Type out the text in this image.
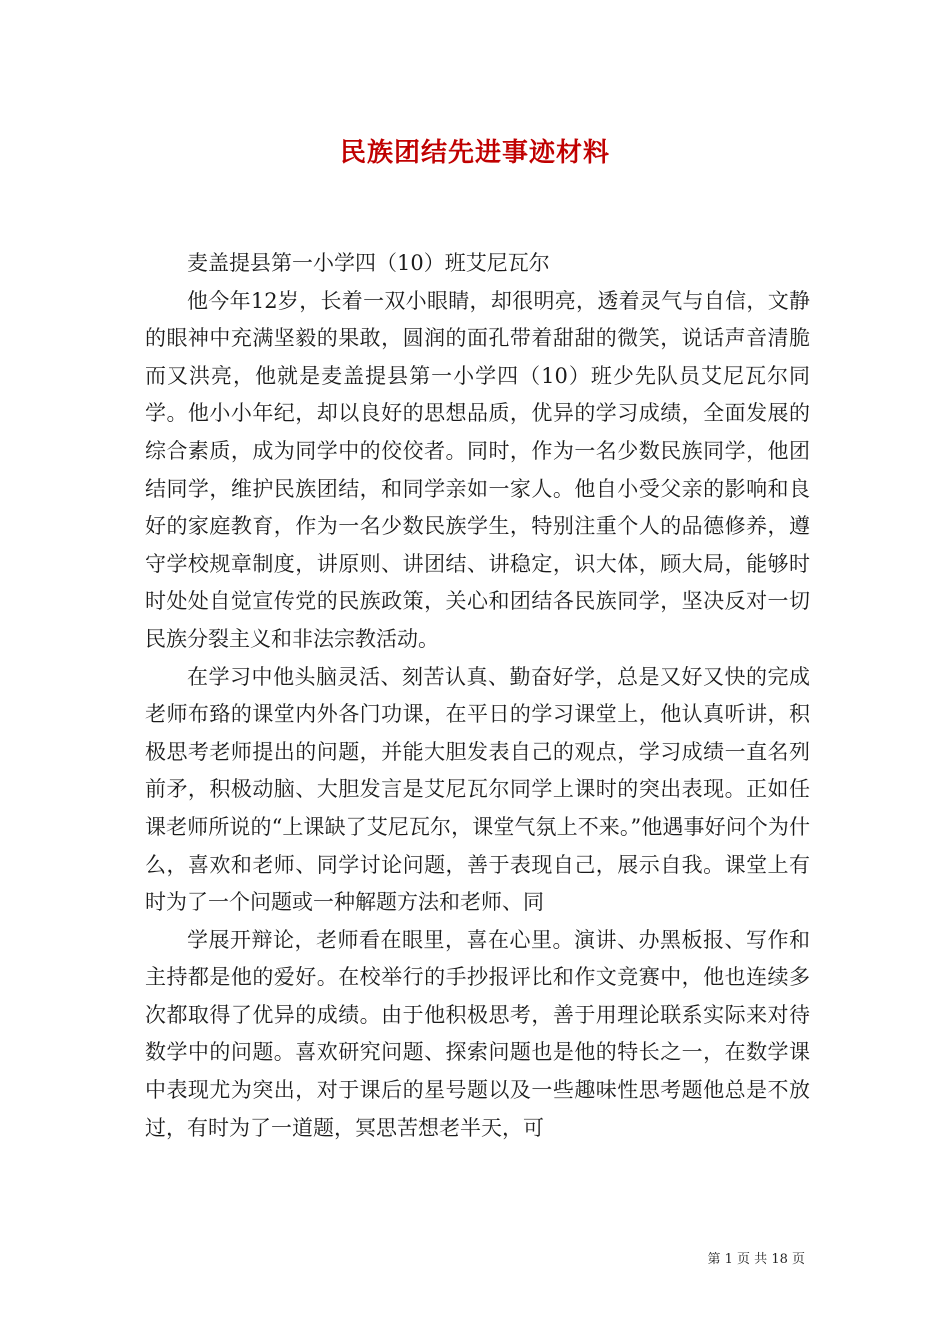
民族团结先进事迹材料

麦盖提县第一小学四（10）班艾尼瓦尔

他今年12岁，长着一双小眼睛，却很明亮，透着灵气与自信，文静的眼神中充满坚毅的果敢，圆润的面孔带着甜甜的微笑，说话声音清脆而又洪亮，他就是麦盖提县第一小学四（10）班少先队员艾尼瓦尔同学。他小小年纪，却以良好的思想品质，优异的学习成绩，全面发展的综合素质，成为同学中的佼佼者。同时，作为一名少数民族同学，他团结同学，维护民族团结，和同学亲如一家人。他自小受父亲的影响和良好的家庭教育，作为一名少数民族学生，特别注重个人的品德修养，遵守学校规章制度，讲原则、讲团结、讲稳定，识大体，顾大局，能够时时处处自觉宣传党的民族政策，关心和团结各民族同学，坚决反对一切民族分裂主义和非法宗教活动。

在学习中他头脑灵活、刻苦认真、勤奋好学，总是又好又快的完成老师布臵的课堂内外各门功课，在平日的学习课堂上，他认真听讲，积极思考老师提出的问题，并能大胆发表自己的观点，学习成绩一直名列前矛，积极动脑、大胆发言是艾尼瓦尔同学上课时的突出表现。正如任课老师所说的“上课缺了艾尼瓦尔，课堂气氛上不来。”他遇事好问个为什么，喜欢和老师、同学讨论问题，善于表现自己，展示自我。课堂上有时为了一个问题或一种解题方法和老师、同

学展开辩论，老师看在眼里，喜在心里。演讲、办黑板报、写作和主持都是他的爱好。在校举行的手抄报评比和作文竞赛中，他也连续多次都取得了优异的成绩。由于他积极思考，善于用理论联系实际来对待数学中的问题。喜欢研究问题、探索问题也是他的特长之一，在数学课中表现尤为突出，对于课后的星号题以及一些趣味性思考题他总是不放过，有时为了一道题，冥思苦想老半天，可

第 1 页 共 18 页
